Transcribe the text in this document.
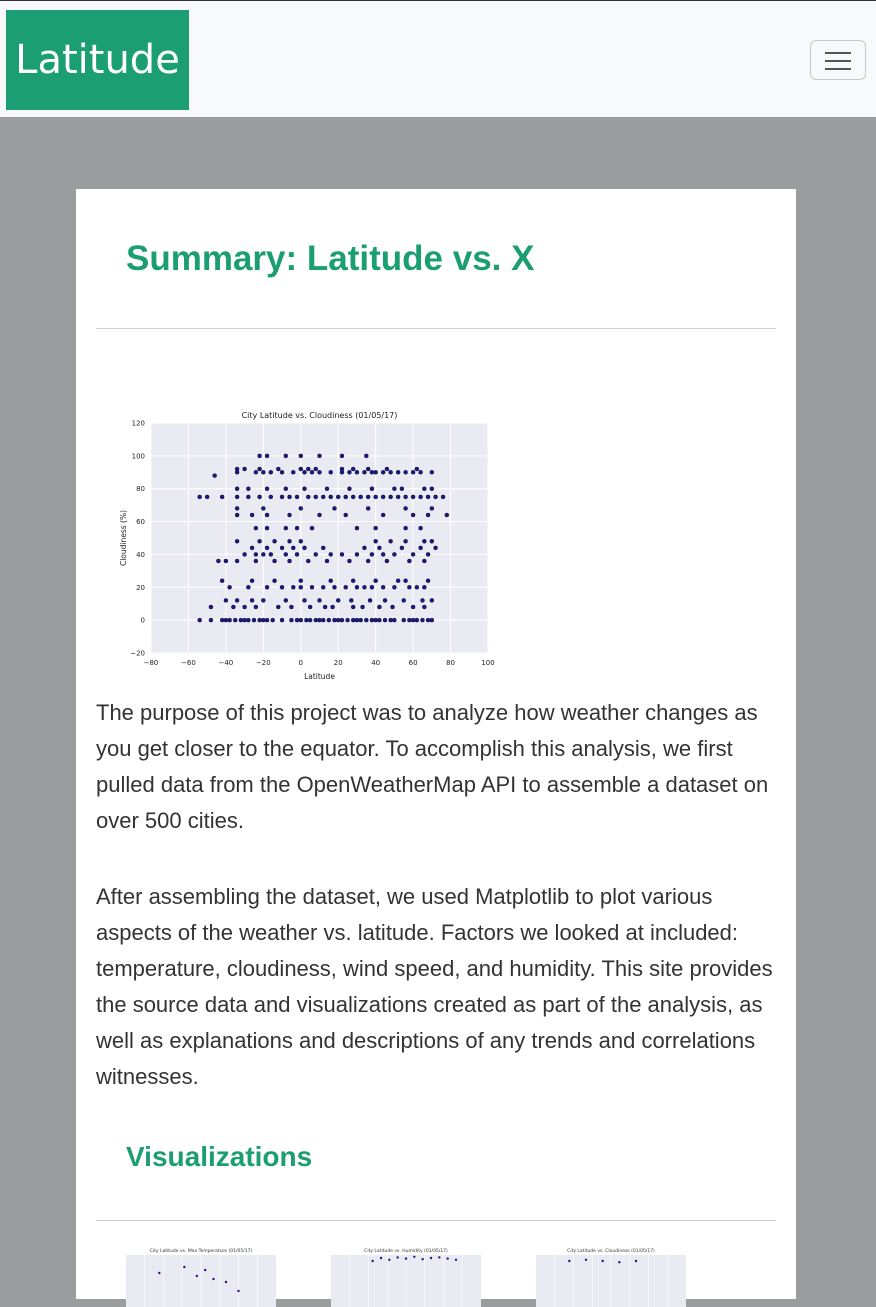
Latitude
Summary: Latitude vs. X
−80	−60	−40	−20	0	20	40	60	80	100
−20
0
20
40
60
80
100
120
City Latitude vs. Cloudiness (01/05/17)
Latitude
Cloudiness (%)

The purpose of this project was to analyze how weather changes as you get closer to the equator. To accomplish this analysis, we first pulled data from the OpenWeatherMap API to assemble a dataset on over 500 cities.

After assembling the dataset, we used Matplotlib to plot various aspects of the weather vs. latitude. Factors we looked at included: temperature, cloudiness, wind speed, and humidity. This site provides the source data and visualizations created as part of the analysis, as well as explanations and descriptions of any trends and correlations witnesses.

Visualizations
City Latitude vs. Max Temperature (01/05/17)	City Latitude vs. Humidity (01/05/17)	City Latitude vs. Cloudiness (01/05/17)
